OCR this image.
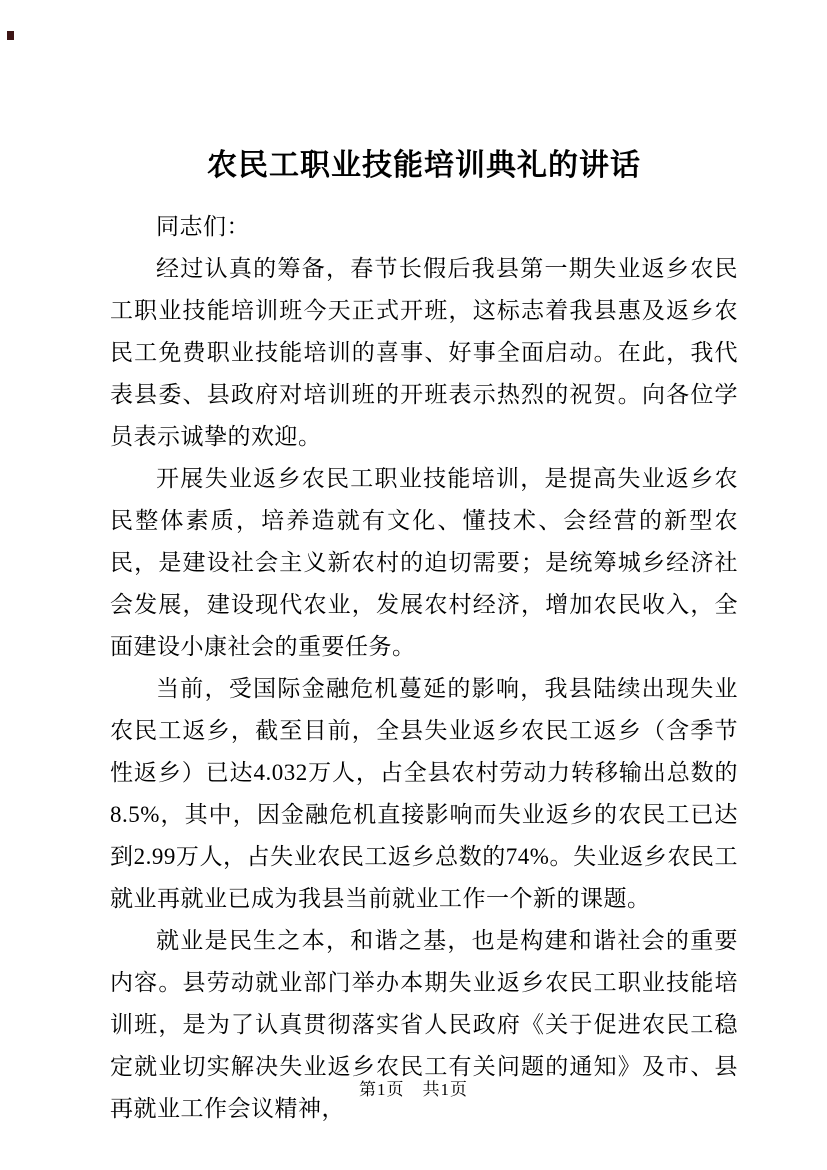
农民工职业技能培训典礼的讲话

同志们：

经过认真的筹备，春节长假后我县第一期失业返乡农民工职业技能培训班今天正式开班，这标志着我县惠及返乡农民工免费职业技能培训的喜事、好事全面启动。在此，我代表县委、县政府对培训班的开班表示热烈的祝贺。向各位学员表示诚挚的欢迎。

开展失业返乡农民工职业技能培训，是提高失业返乡农民整体素质，培养造就有文化、懂技术、会经营的新型农民，是建设社会主义新农村的迫切需要；是统筹城乡经济社会发展，建设现代农业，发展农村经济，增加农民收入，全面建设小康社会的重要任务。

当前，受国际金融危机蔓延的影响，我县陆续出现失业农民工返乡，截至目前，全县失业返乡农民工返乡（含季节性返乡）已达4.032万人，占全县农村劳动力转移输出总数的8.5%，其中，因金融危机直接影响而失业返乡的农民工已达到2.99万人，占失业农民工返乡总数的74%。失业返乡农民工就业再就业已成为我县当前就业工作一个新的课题。

就业是民生之本，和谐之基，也是构建和谐社会的重要内容。县劳动就业部门举办本期失业返乡农民工职业技能培训班，是为了认真贯彻落实省人民政府《关于促进农民工稳定就业切实解决失业返乡农民工有关问题的通知》及市、县再就业工作会议精神，

第1页　共1页
